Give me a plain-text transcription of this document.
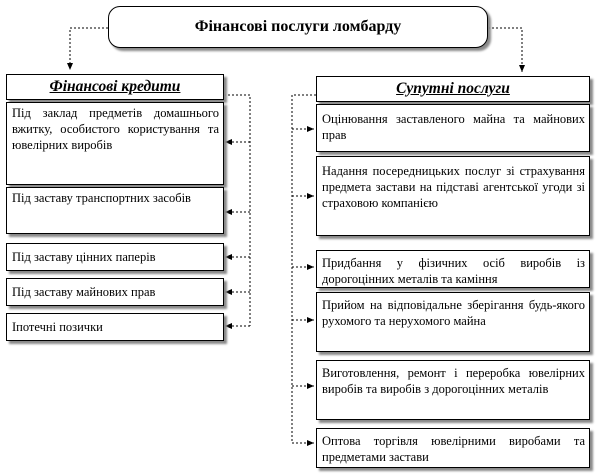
Фінансові послуги ломбарду
Фінансові кредити
Під заклад предметів домашнього вжитку, особистого користування та ювелірних виробів
Під заставу транспортних засобів
Під заставу цінних паперів
Під заставу майнових прав
Іпотечні позички
Супутні послуги
Оцінювання заставленого майна та майнових прав
Надання посередницьких послуг зі страхування предмета застави на підставі агентської угоди зі страховою компанією
Придбання у фізичних осіб виробів із дорогоцінних металів та каміння
Прийом на відповідальне зберігання будь-якого рухомого та нерухомого майна
Виготовлення, ремонт і переробка ювелірних виробів та виробів з дорогоцінних металів
Оптова торгівля ювелірними виробами та предметами застави
